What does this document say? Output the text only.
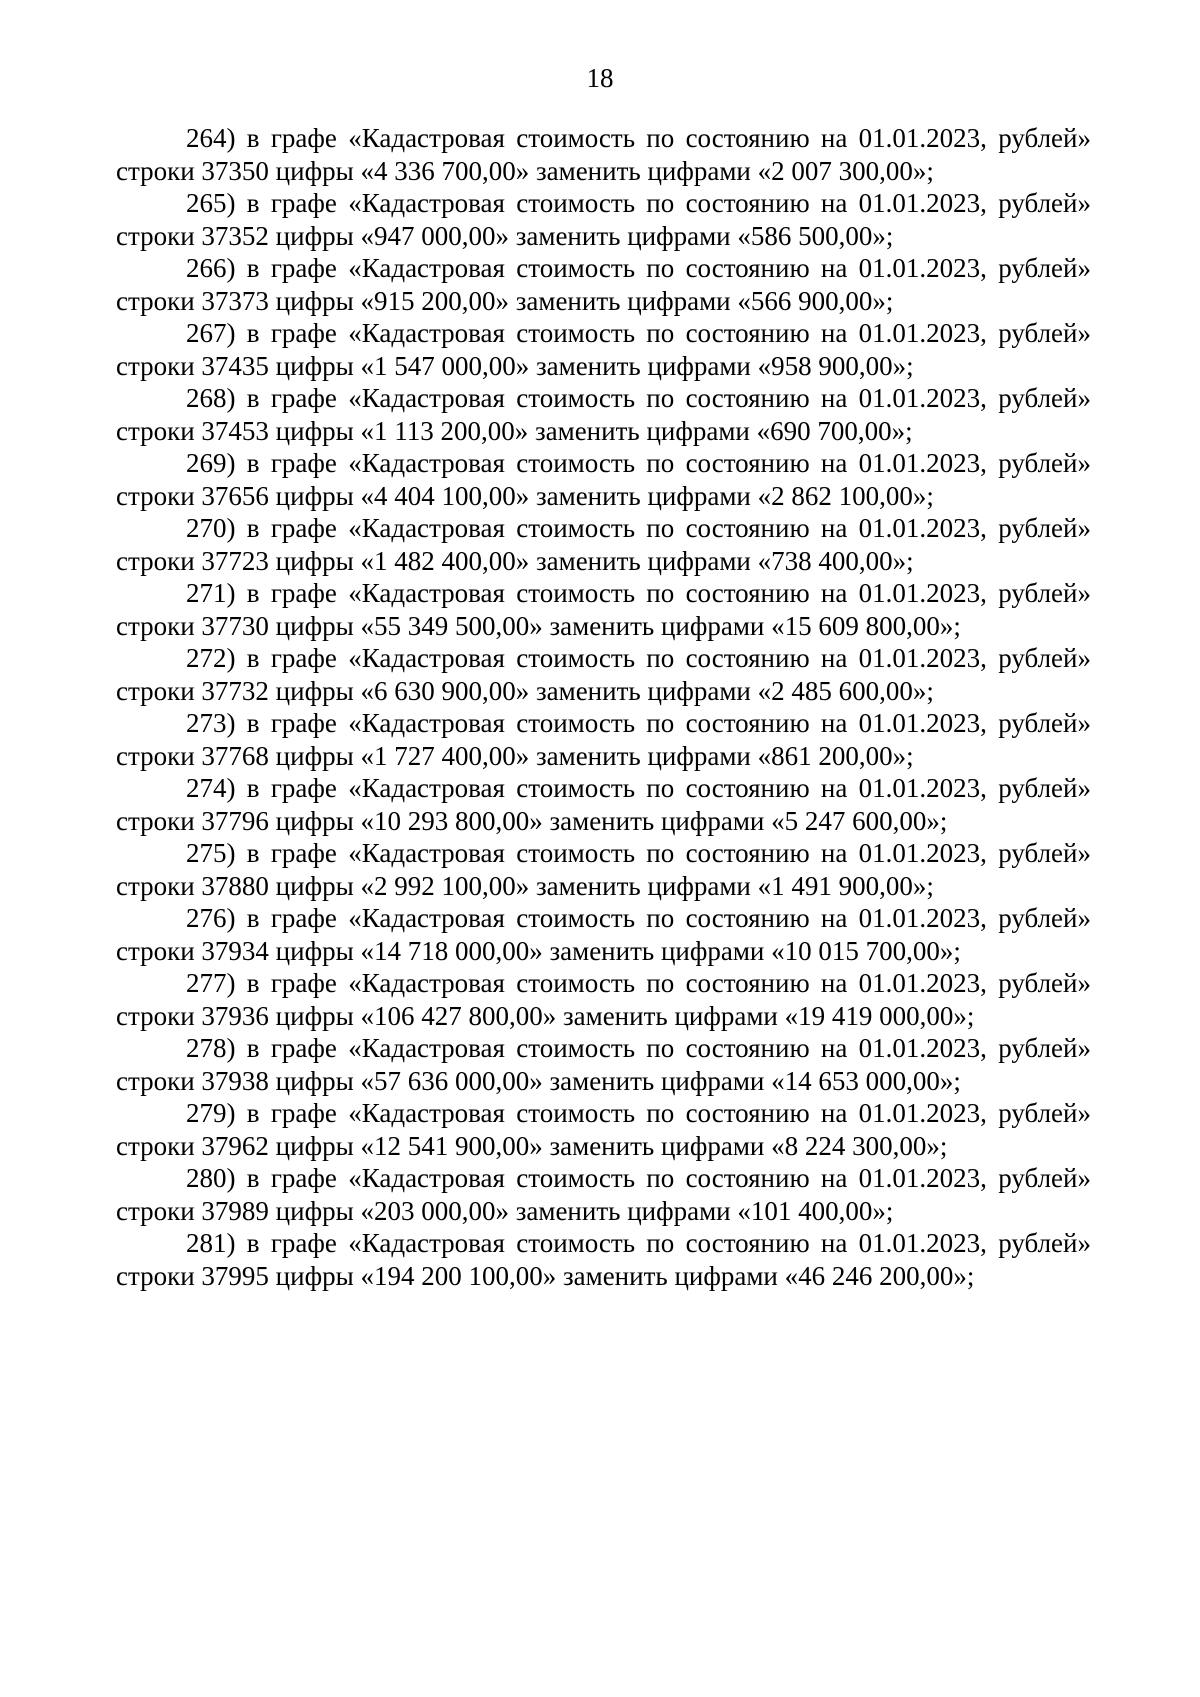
18

264) в графе «Кадастровая стоимость по состоянию на 01.01.2023, рублей» строки 37350 цифры «4 336 700,00» заменить цифрами «2 007 300,00»;

265) в графе «Кадастровая стоимость по состоянию на 01.01.2023, рублей» строки 37352 цифры «947 000,00» заменить цифрами «586 500,00»;

266) в графе «Кадастровая стоимость по состоянию на 01.01.2023, рублей» строки 37373 цифры «915 200,00» заменить цифрами «566 900,00»;

267) в графе «Кадастровая стоимость по состоянию на 01.01.2023, рублей» строки 37435 цифры «1 547 000,00» заменить цифрами «958 900,00»;

268) в графе «Кадастровая стоимость по состоянию на 01.01.2023, рублей» строки 37453 цифры «1 113 200,00» заменить цифрами «690 700,00»;

269) в графе «Кадастровая стоимость по состоянию на 01.01.2023, рублей» строки 37656 цифры «4 404 100,00» заменить цифрами «2 862 100,00»;

270) в графе «Кадастровая стоимость по состоянию на 01.01.2023, рублей» строки 37723 цифры «1 482 400,00» заменить цифрами «738 400,00»;

271) в графе «Кадастровая стоимость по состоянию на 01.01.2023, рублей» строки 37730 цифры «55 349 500,00» заменить цифрами «15 609 800,00»;

272) в графе «Кадастровая стоимость по состоянию на 01.01.2023, рублей» строки 37732 цифры «6 630 900,00» заменить цифрами «2 485 600,00»;

273) в графе «Кадастровая стоимость по состоянию на 01.01.2023, рублей» строки 37768 цифры «1 727 400,00» заменить цифрами «861 200,00»;

274) в графе «Кадастровая стоимость по состоянию на 01.01.2023, рублей» строки 37796 цифры «10 293 800,00» заменить цифрами «5 247 600,00»;

275) в графе «Кадастровая стоимость по состоянию на 01.01.2023, рублей» строки 37880 цифры «2 992 100,00» заменить цифрами «1 491 900,00»;

276) в графе «Кадастровая стоимость по состоянию на 01.01.2023, рублей» строки 37934 цифры «14 718 000,00» заменить цифрами «10 015 700,00»;

277) в графе «Кадастровая стоимость по состоянию на 01.01.2023, рублей» строки 37936 цифры «106 427 800,00» заменить цифрами «19 419 000,00»;

278) в графе «Кадастровая стоимость по состоянию на 01.01.2023, рублей» строки 37938 цифры «57 636 000,00» заменить цифрами «14 653 000,00»;

279) в графе «Кадастровая стоимость по состоянию на 01.01.2023, рублей» строки 37962 цифры «12 541 900,00» заменить цифрами «8 224 300,00»;

280) в графе «Кадастровая стоимость по состоянию на 01.01.2023, рублей» строки 37989 цифры «203 000,00» заменить цифрами «101 400,00»;

281) в графе «Кадастровая стоимость по состоянию на 01.01.2023, рублей» строки 37995 цифры «194 200 100,00» заменить цифрами «46 246 200,00»;
